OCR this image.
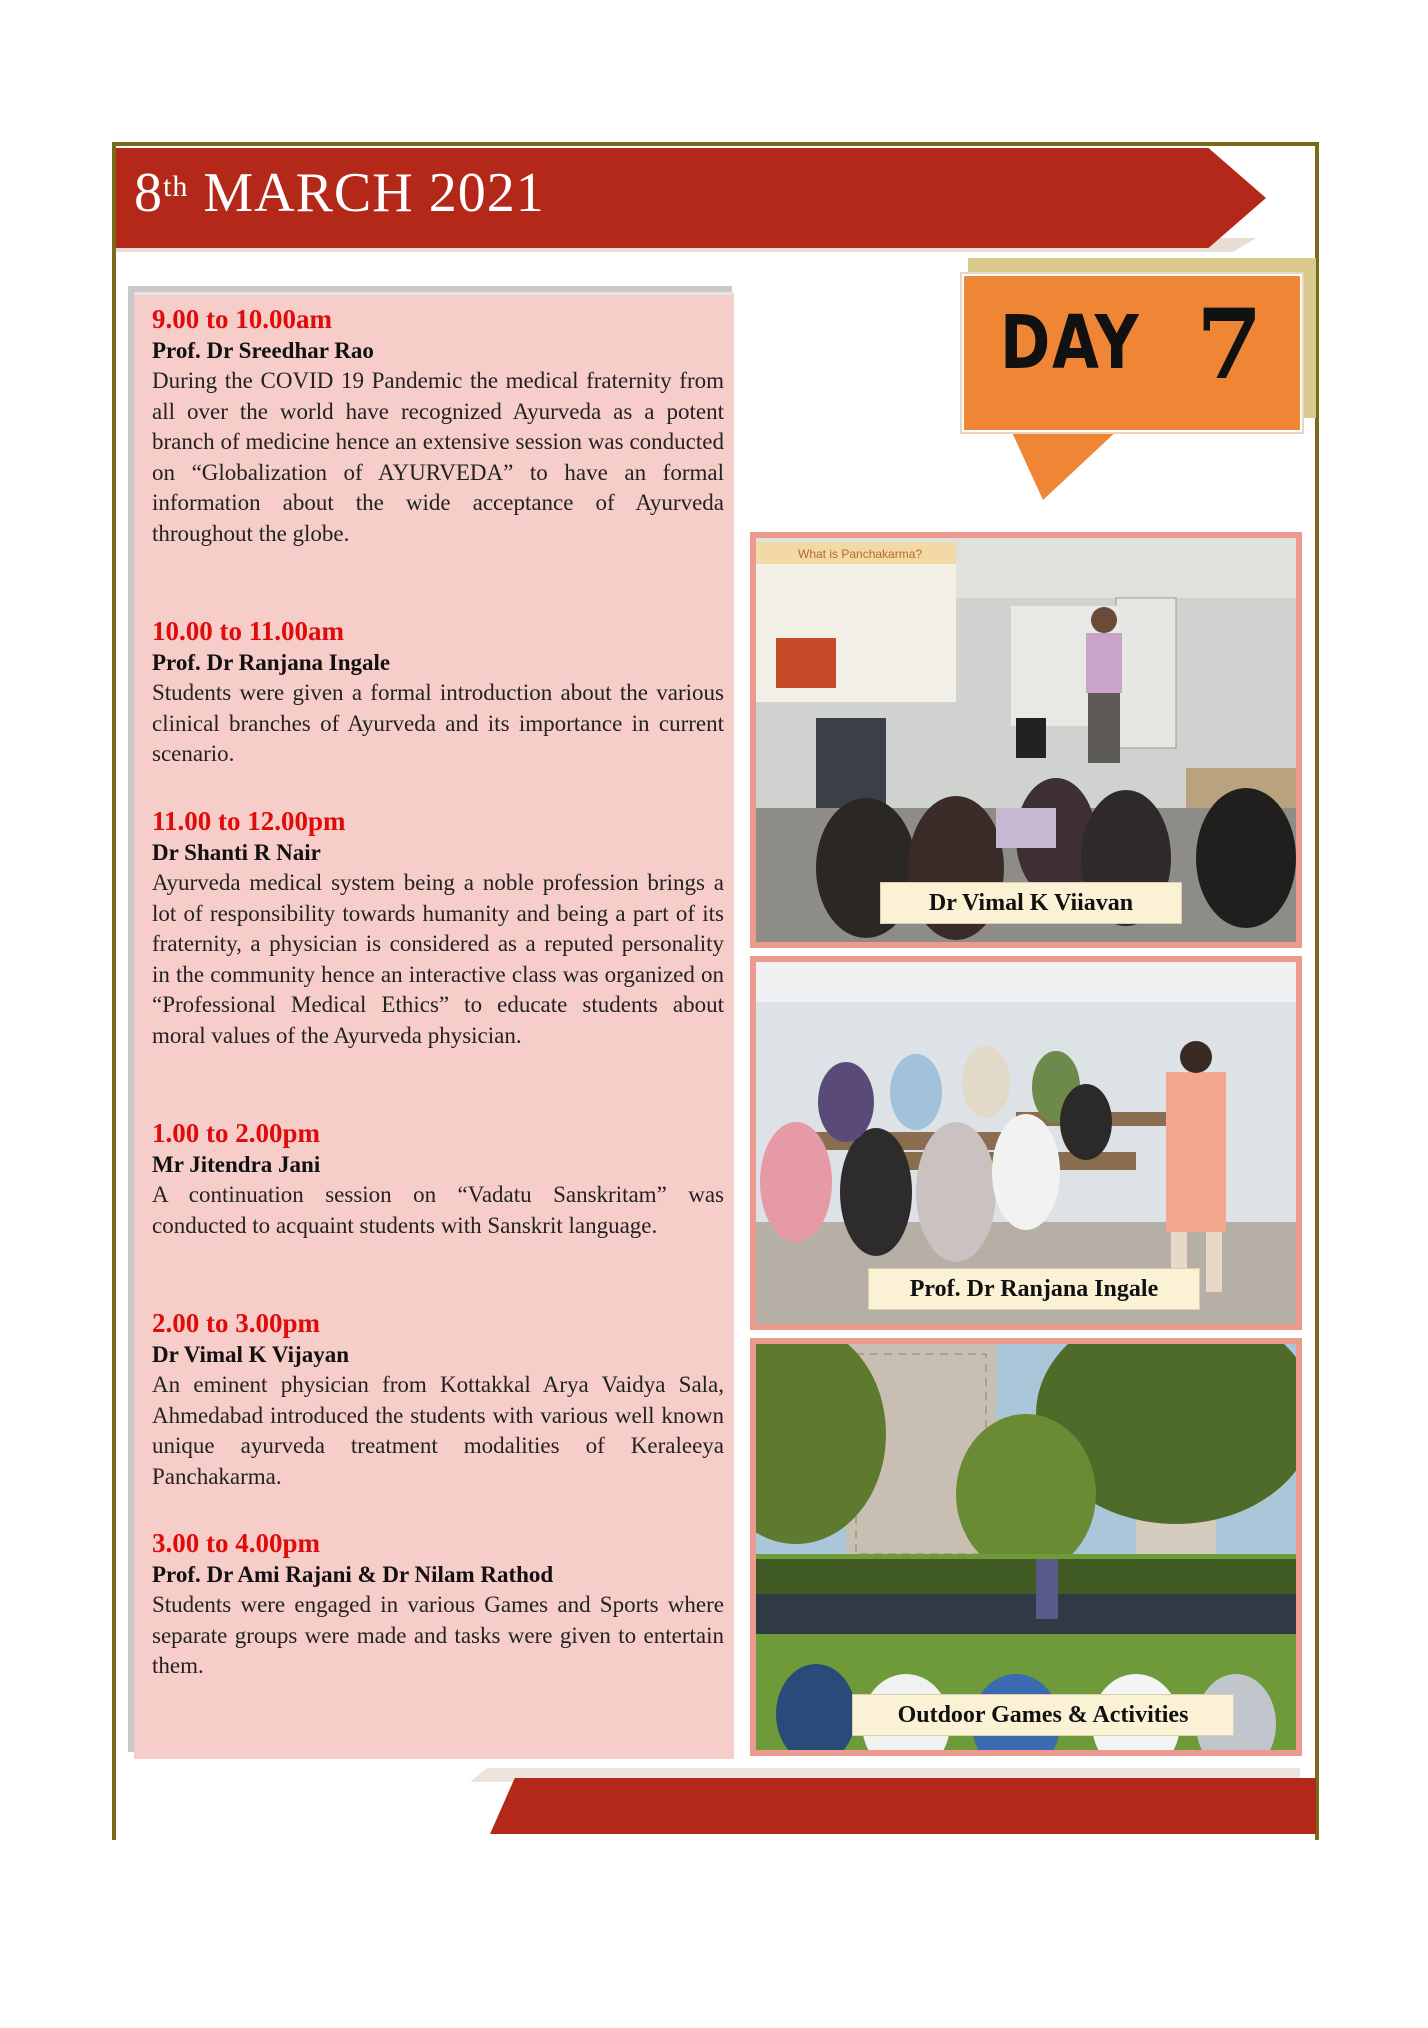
8th MARCH 2021
DAY 7
9.00 to 10.00am
Prof. Dr Sreedhar Rao
During the COVID 19 Pandemic the medical fraternity from all over the world have recognized Ayurveda as a potent branch of medicine hence an extensive session was conducted on “Globalization of AYURVEDA” to have an formal information about the wide acceptance of Ayurveda throughout the globe.
10.00 to 11.00am
Prof. Dr Ranjana Ingale
Students were given a formal introduction about the various clinical branches of Ayurveda and its importance in current scenario.
11.00 to 12.00pm
Dr Shanti R Nair
Ayurveda medical system being a noble profession brings a lot of responsibility towards humanity and being a part of its fraternity, a physician is considered as a reputed personality in the community hence an interactive class was organized on “Professional Medical Ethics” to educate students about moral values of the Ayurveda physician.
1.00 to 2.00pm
Mr Jitendra Jani
A continuation session on “Vadatu Sanskritam” was conducted to acquaint students with Sanskrit language.
2.00 to 3.00pm
Dr Vimal K Vijayan
An eminent physician from Kottakkal Arya Vaidya Sala, Ahmedabad introduced the students with various well known unique ayurveda treatment modalities of Keraleeya Panchakarma.
3.00 to 4.00pm
Prof. Dr Ami Rajani & Dr Nilam Rathod
Students were engaged in various Games and Sports where separate groups were made and tasks were given to entertain them.
What is Panchakarma?
Dr Vimal K Viiavan
Prof. Dr Ranjana Ingale
Outdoor Games & Activities
